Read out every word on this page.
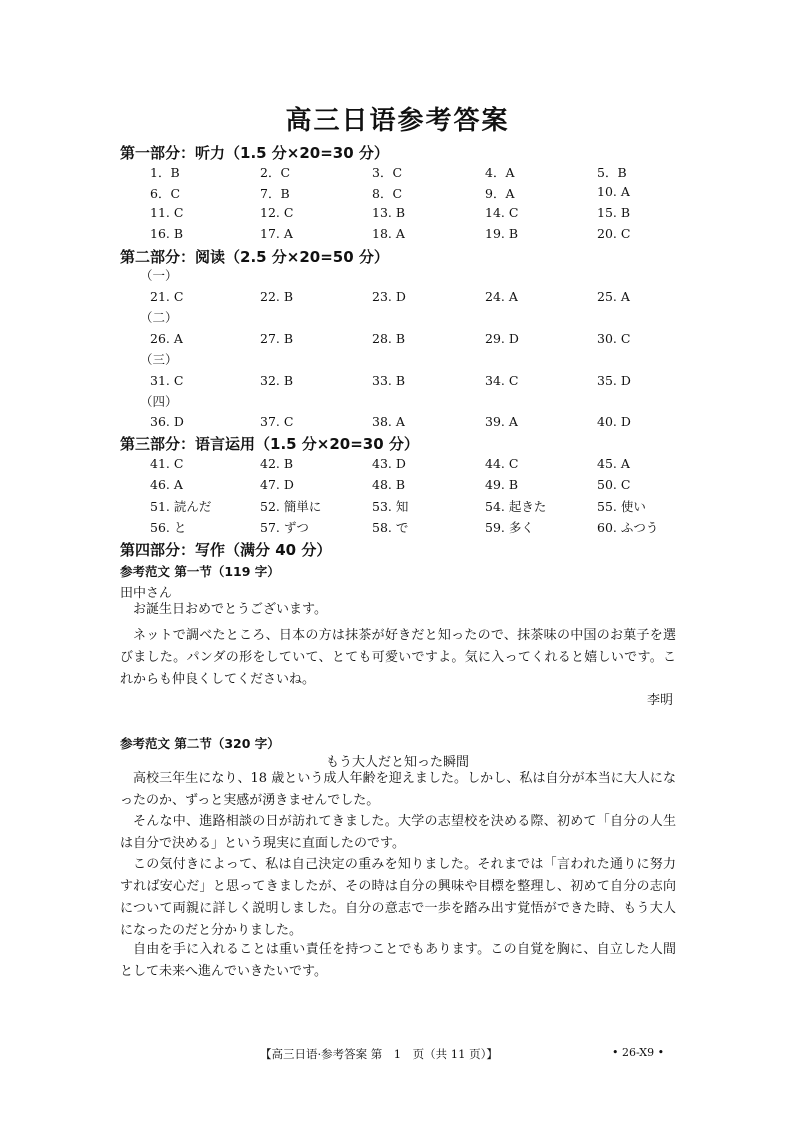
高三日语参考答案
第一部分：听力（1.5 分×20=30 分）
1．B	2．C	3．C	4．A	5．B
6．C	7．B	8．C	9．A	10. A
11. C	12. C	13. B	14. C	15. B
16. B	17. A	18. A	19. B	20. C
第二部分：阅读（2.5 分×20=50 分）
（一）
21. C	22. B	23. D	24. A	25. A
（二）
26. A	27. B	28. B	29. D	30. C
（三）
31. C	32. B	33. B	34. C	35. D
（四）
36. D	37. C	38. A	39. A	40. D
第三部分：语言运用（1.5 分×20=30 分）
41. C	42. B	43. D	44. C	45. A
46. A	47. D	48. B	49. B	50. C
51. 読んだ	52. 簡単に	53. 知	54. 起きた	55. 使い
56. と	57. ずつ	58. で	59. 多く	60. ふつう
第四部分：写作（满分 40 分）
参考范文 第一节（119 字）
田中さん
お誕生日おめでとうございます。
ネットで調べたところ、日本の方は抹茶が好きだと知ったので、抹茶味の中国のお菓子を選びました。パンダの形をしていて、とても可愛いですよ。気に入ってくれると嬉しいです。これからも仲良くしてくださいね。
李明
参考范文 第二节（320 字）
もう大人だと知った瞬間
高校三年生になり、18 歳という成人年齢を迎えました。しかし、私は自分が本当に大人になったのか、ずっと実感が湧きませんでした。
そんな中、進路相談の日が訪れてきました。大学の志望校を決める際、初めて「自分の人生は自分で決める」という現実に直面したのです。
この気付きによって、私は自己決定の重みを知りました。それまでは「言われた通りに努力すれば安心だ」と思ってきましたが、その時は自分の興味や目標を整理し、初めて自分の志向について両親に詳しく説明しました。自分の意志で一歩を踏み出す覚悟ができた時、もう大人になったのだと分かりました。
自由を手に入れることは重い責任を持つことでもあります。この自覚を胸に、自立した人間として未来へ進んでいきたいです。
【高三日语·参考答案 第　1　页（共 11 页）】	• 26-X9 •
